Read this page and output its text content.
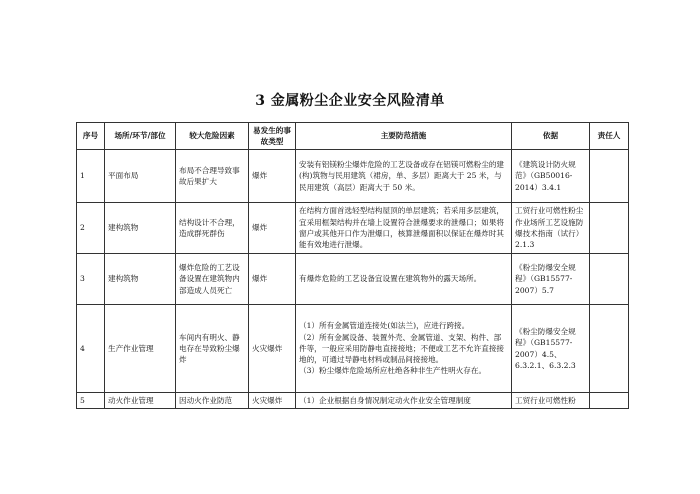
3 金属粉尘企业安全风险清单
序号	场所/环节/部位	较大危险因素	易发生的事故类型	主要防范措施	依据	责任人
1	平面布局	布局不合理导致事故后果扩大	爆炸	安装有铝镁粉尘爆炸危险的工艺设备或存在铝镁可燃粉尘的建(构)筑物与民用建筑（裙房，单、多层）距离大于 25 米，与民用建筑（高层）距离大于 50 米。	《建筑设计防火规范》（GB50016-2014）3.4.1	
2	建构筑物	结构设计不合理，造成群死群伤	爆炸	在结构方面首选轻型结构屋顶的单层建筑；若采用多层建筑，宜采用框架结构并在墙上设置符合泄爆要求的泄爆口；如果将窗户或其他开口作为泄爆口，核算泄爆面积以保证在爆炸时其能有效地进行泄爆。	工贸行业可燃性粉尘作业场所工艺设施防爆技术指南（试行）2.1.3	
3	建构筑物	爆炸危险的工艺设备设置在建筑物内部造成人员死亡	爆炸	有爆炸危险的工艺设备宜设置在建筑物外的露天场所。	《粉尘防爆安全规程》（GB15577-2007）5.7	
4	生产作业管理	车间内有明火、静电存在导致粉尘爆炸	火灾爆炸	（1）所有金属管道连接处(如法兰)，应进行跨接。
（2）所有金属设备、装置外壳、金属管道、支架、构件、部件等，一般应采用防静电直接接地；不便或工艺不允许直接接地的，可通过导静电材料或制品间接接地。
（3）粉尘爆炸危险场所应杜绝各种非生产性明火存在。	《粉尘防爆安全规程》（GB15577-2007）4.5、6.3.2.1、6.3.2.3	
5	动火作业管理	因动火作业防范	火灾爆炸	（1）企业根据自身情况制定动火作业安全管理制度	工贸行业可燃性粉	
